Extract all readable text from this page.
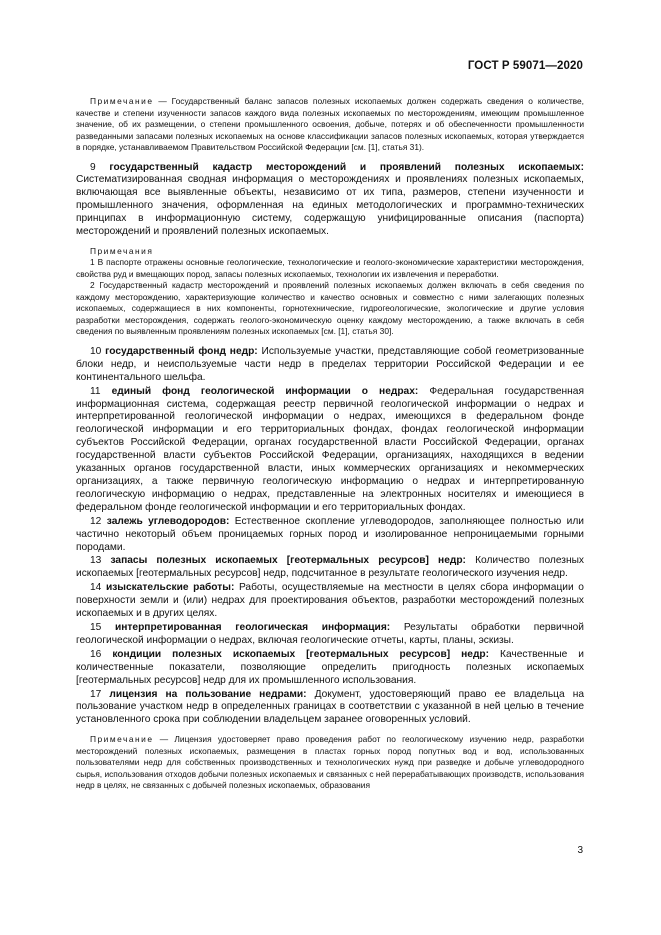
ГОСТ Р 59071—2020

Примечание — Государственный баланс запасов полезных ископаемых должен содержать сведения о количестве, качестве и степени изученности запасов каждого вида полезных ископаемых по месторождениям, имеющим промышленное значение, об их размещении, о степени промышленного освоения, добыче, потерях и об обеспеченности промышленности разведанными запасами полезных ископаемых на основе классификации запасов полезных ископаемых, которая утверждается в порядке, устанавливаемом Правительством Российской Федерации [см. [1], статья 31).

9 государственный кадастр месторождений и проявлений полезных ископаемых: Систематизированная сводная информация о месторождениях и проявлениях полезных ископаемых, включающая все выявленные объекты, независимо от их типа, размеров, степени изученности и промышленного значения, оформленная на единых методологических и программно-технических принципах в информационную систему, содержащую унифицированные описания (паспорта) месторождений и проявлений полезных ископаемых.

Примечания

1 В паспорте отражены основные геологические, технологические и геолого-экономические характеристики месторождения, свойства руд и вмещающих пород, запасы полезных ископаемых, технологии их извлечения и переработки.

2 Государственный кадастр месторождений и проявлений полезных ископаемых должен включать в себя сведения по каждому месторождению, характеризующие количество и качество основных и совместно с ними залегающих полезных ископаемых, содержащиеся в них компоненты, горнотехнические, гидрогеологические, экологические и другие условия разработки месторождения, содержать геолого-экономическую оценку каждому месторождению, а также включать в себя сведения по выявленным проявлениям полезных ископаемых [см. [1], статья 30].

10 государственный фонд недр: Используемые участки, представляющие собой геометризованные блоки недр, и неиспользуемые части недр в пределах территории Российской Федерации и ее континентального шельфа.

11 единый фонд геологической информации о недрах: Федеральная государственная информационная система, содержащая реестр первичной геологической информации о недрах и интерпретированной геологической информации о недрах, имеющихся в федеральном фонде геологической информации и его территориальных фондах, фондах геологической информации субъектов Российской Федерации, органах государственной власти Российской Федерации, органах государственной власти субъектов Российской Федерации, организациях, находящихся в ведении указанных органов государственной власти, иных коммерческих организациях и некоммерческих организациях, а также первичную геологическую информацию о недрах и интерпретированную геологическую информацию о недрах, представленные на электронных носителях и имеющиеся в федеральном фонде геологической информации и его территориальных фондах.

12 залежь углеводородов: Естественное скопление углеводородов, заполняющее полностью или частично некоторый объем проницаемых горных пород и изолированное непроницаемыми горными породами.

13 запасы полезных ископаемых [геотермальных ресурсов] недр: Количество полезных ископаемых [геотермальных ресурсов] недр, подсчитанное в результате геологического изучения недр.

14 изыскательские работы: Работы, осуществляемые на местности в целях сбора информации о поверхности земли и (или) недрах для проектирования объектов, разработки месторождений полезных ископаемых и в других целях.

15 интерпретированная геологическая информация: Результаты обработки первичной геологической информации о недрах, включая геологические отчеты, карты, планы, эскизы.

16 кондиции полезных ископаемых [геотермальных ресурсов] недр: Качественные и количественные показатели, позволяющие определить пригодность полезных ископаемых [геотермальных ресурсов] недр для их промышленного использования.

17 лицензия на пользование недрами: Документ, удостоверяющий право ее владельца на пользование участком недр в определенных границах в соответствии с указанной в ней целью в течение установленного срока при соблюдении владельцем заранее оговоренных условий.

Примечание — Лицензия удостоверяет право проведения работ по геологическому изучению недр, разработки месторождений полезных ископаемых, размещения в пластах горных пород попутных вод и вод, использованных пользователями недр для собственных производственных и технологических нужд при разведке и добыче углеводородного сырья, использования отходов добычи полезных ископаемых и связанных с ней перерабатывающих производств, использования недр в целях, не связанных с добычей полезных ископаемых, образования

3
